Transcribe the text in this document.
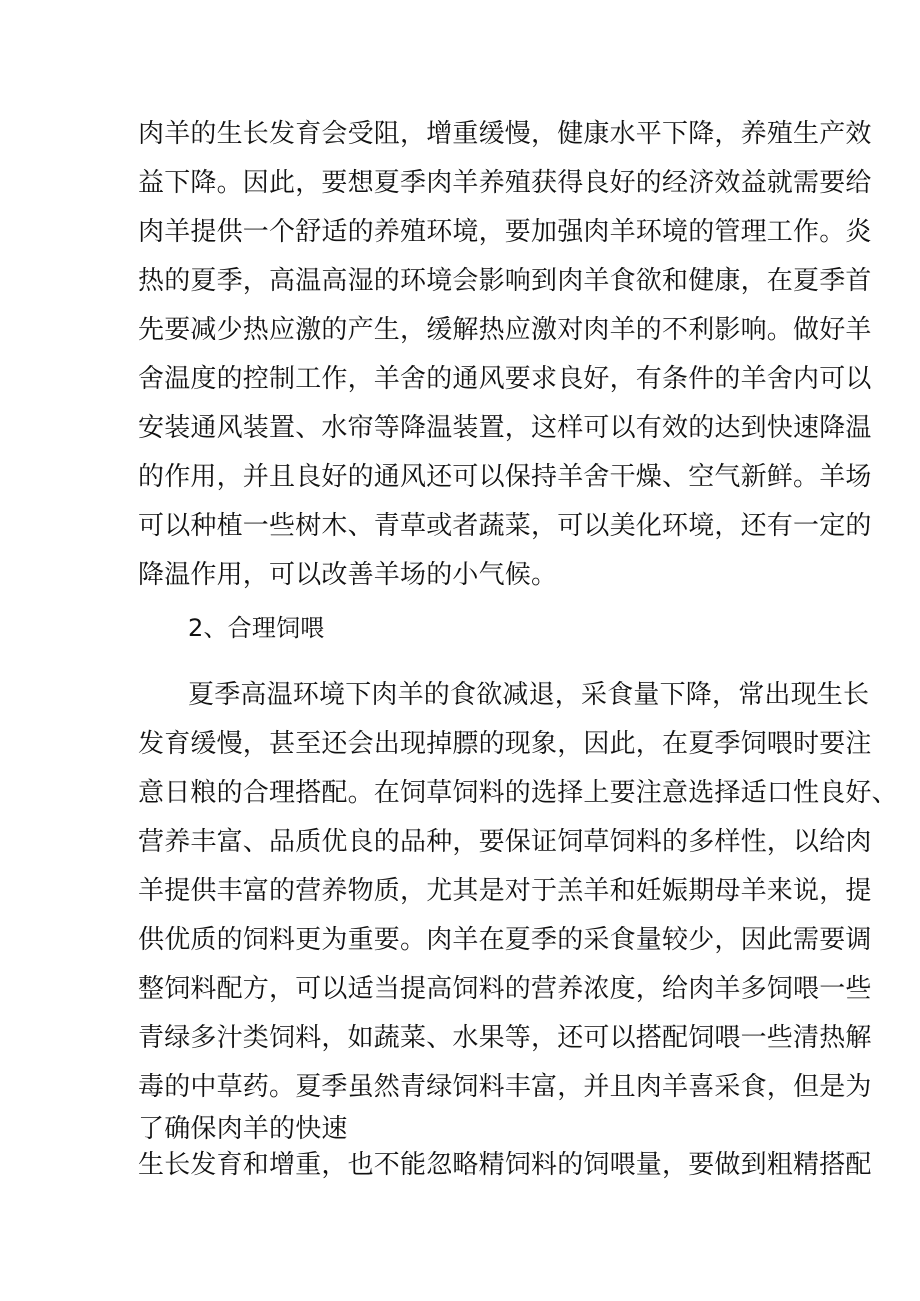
肉羊的生长发育会受阻，增重缓慢，健康水平下降，养殖生产效
益下降。因此，要想夏季肉羊养殖获得良好的经济效益就需要给
肉羊提供一个舒适的养殖环境，要加强肉羊环境的管理工作。炎
热的夏季，高温高湿的环境会影响到肉羊食欲和健康，在夏季首
先要减少热应激的产生，缓解热应激对肉羊的不利影响。做好羊
舍温度的控制工作，羊舍的通风要求良好，有条件的羊舍内可以
安装通风装置、水帘等降温装置，这样可以有效的达到快速降温
的作用，并且良好的通风还可以保持羊舍干燥、空气新鲜。羊场
可以种植一些树木、青草或者蔬菜，可以美化环境，还有一定的
降温作用，可以改善羊场的小气候。
2、合理饲喂
夏季高温环境下肉羊的食欲减退，采食量下降，常出现生长
发育缓慢，甚至还会出现掉膘的现象，因此，在夏季饲喂时要注
意日粮的合理搭配。在饲草饲料的选择上要注意选择适口性良好、
营养丰富、品质优良的品种，要保证饲草饲料的多样性，以给肉
羊提供丰富的营养物质，尤其是对于羔羊和妊娠期母羊来说，提
供优质的饲料更为重要。肉羊在夏季的采食量较少，因此需要调
整饲料配方，可以适当提高饲料的营养浓度，给肉羊多饲喂一些
青绿多汁类饲料，如蔬菜、水果等，还可以搭配饲喂一些清热解
毒的中草药。夏季虽然青绿饲料丰富，并且肉羊喜采食，但是为
了确保肉羊的快速
生长发育和增重，也不能忽略精饲料的饲喂量，要做到粗精搭配
